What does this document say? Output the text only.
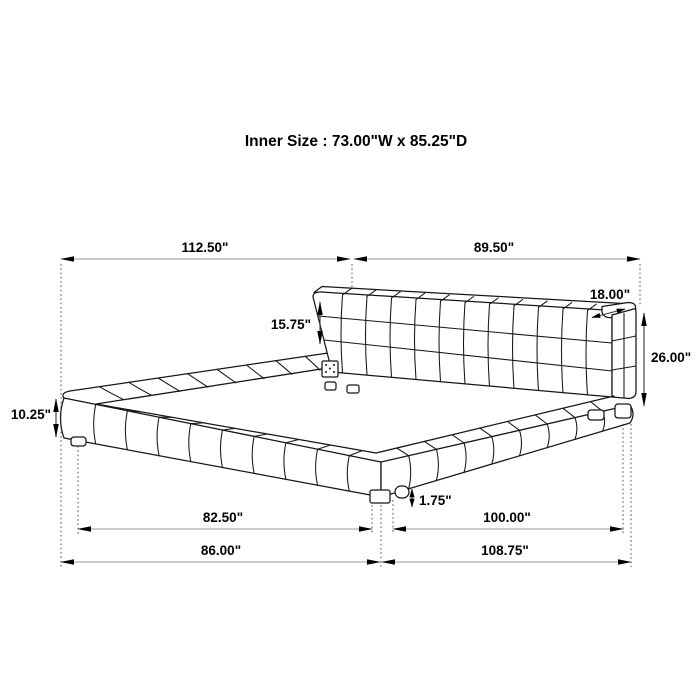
Inner Size : 73.00"W x 85.25"D
112.50"	89.50"
18.00"
15.75"
26.00"
10.25"
1.75"
82.50"	100.00"
86.00"	108.75"
